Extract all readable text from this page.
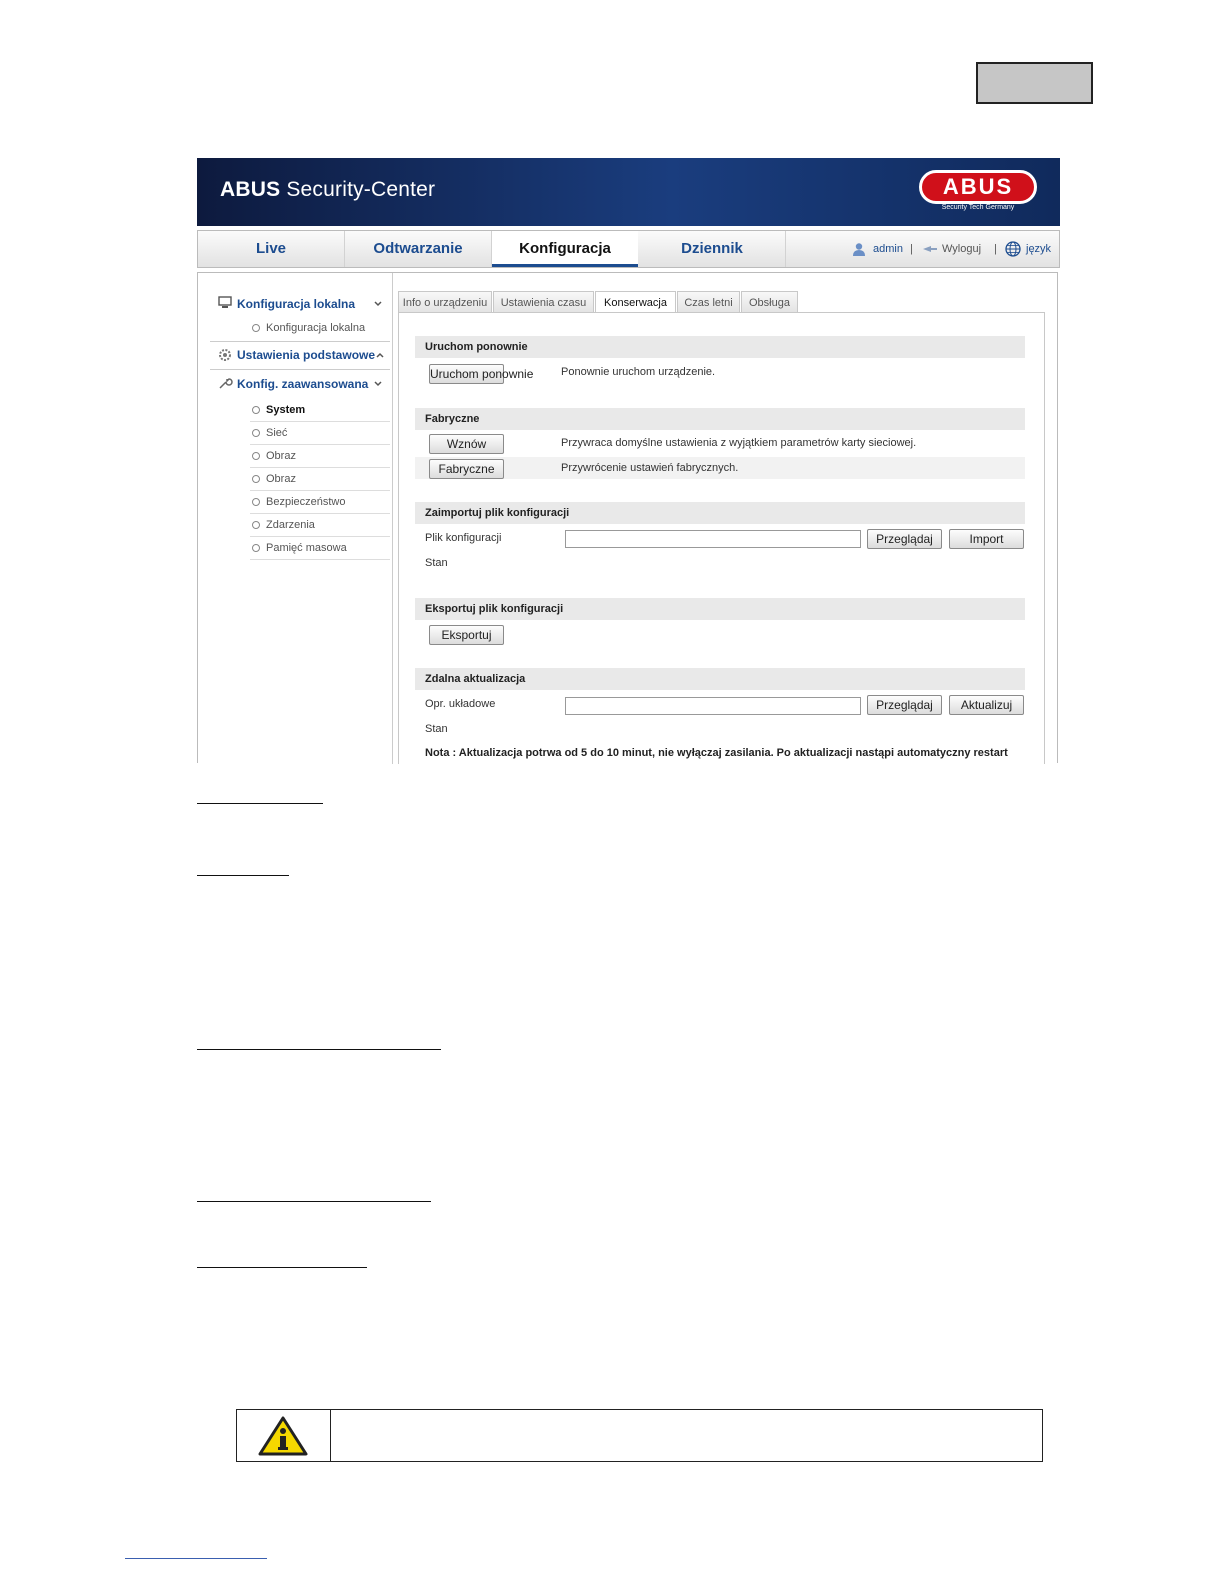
ABUS Security-Center	ABUS
Security Tech Germany
Live	Odtwarzanie	Konfiguracja	Dziennik	admin |	Wyloguj |	język
Konfiguracja lokalna
Konfiguracja lokalna
Ustawienia podstawowe
Konfig. zaawansowana
System
Sieć
Obraz
Obraz
Bezpieczeństwo
Zdarzenia
Pamięć masowa
Info o urządzeniu	Ustawienia czasu	Konserwacja	Czas letni	Obsługa
Uruchom ponownie
Uruchom ponownie	Ponownie uruchom urządzenie.
Fabryczne
Wznów	Przywraca domyślne ustawienia z wyjątkiem parametrów karty sieciowej.
Fabryczne	Przywrócenie ustawień fabrycznych.
Zaimportuj plik konfiguracji
Plik konfiguracji	Przeglądaj	Import
Stan
Eksportuj plik konfiguracji
Eksportuj
Zdalna aktualizacja
Opr. układowe	Przeglądaj	Aktualizuj
Stan
Nota : Aktualizacja potrwa od 5 do 10 minut, nie wyłączaj zasilania. Po aktualizacji nastąpi automatyczny restart
